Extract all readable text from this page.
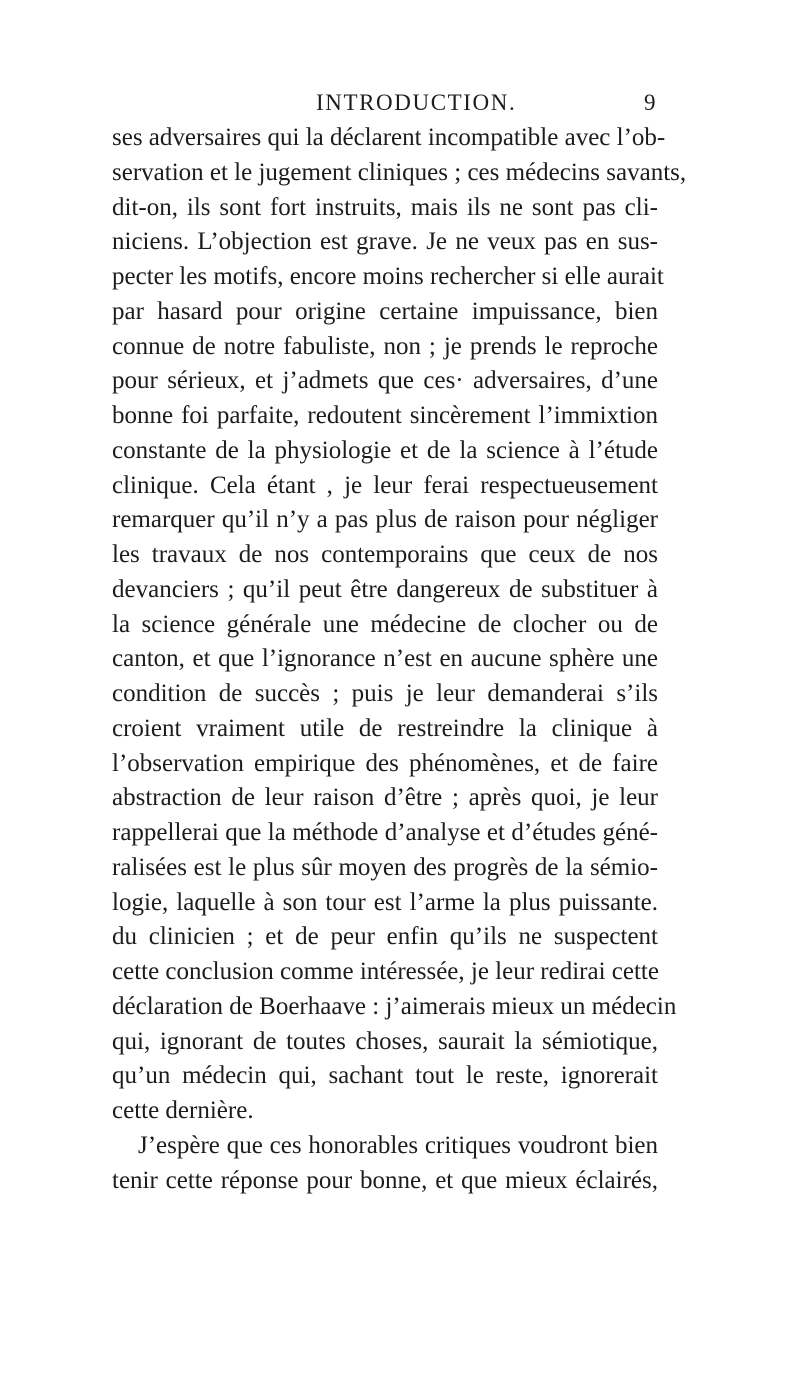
INTRODUCTION.	9
ses adversaires qui la déclarent incompatible avec l’ob-
servation et le jugement cliniques ; ces médecins savants,
dit-on, ils sont fort instruits, mais ils ne sont pas cli-
niciens. L’objection est grave. Je ne veux pas en sus-
pecter les motifs, encore moins rechercher si elle aurait
par hasard pour origine certaine impuissance, bien
connue de notre fabuliste, non ; je prends le reproche
pour sérieux, et j’admets que ces· adversaires, d’une
bonne foi parfaite, redoutent sincèrement l’immixtion
constante de la physiologie et de la science à l’étude
clinique. Cela étant , je leur ferai respectueusement
remarquer qu’il n’y a pas plus de raison pour négliger
les travaux de nos contemporains que ceux de nos
devanciers ; qu’il peut être dangereux de substituer à
la science générale une médecine de clocher ou de
canton, et que l’ignorance n’est en aucune sphère une
condition de succès ; puis je leur demanderai s’ils
croient vraiment utile de restreindre la clinique à
l’observation empirique des phénomènes, et de faire
abstraction de leur raison d’être ; après quoi, je leur
rappellerai que la méthode d’analyse et d’études géné-
ralisées est le plus sûr moyen des progrès de la sémio-
logie, laquelle à son tour est l’arme la plus puissante.
du clinicien ; et de peur enfin qu’ils ne suspectent
cette conclusion comme intéressée, je leur redirai cette
déclaration de Boerhaave : j’aimerais mieux un médecin
qui, ignorant de toutes choses, saurait la sémiotique,
qu’un médecin qui, sachant tout le reste, ignorerait
cette dernière.
J’espère que ces honorables critiques voudront bien
tenir cette réponse pour bonne, et que mieux éclairés,
